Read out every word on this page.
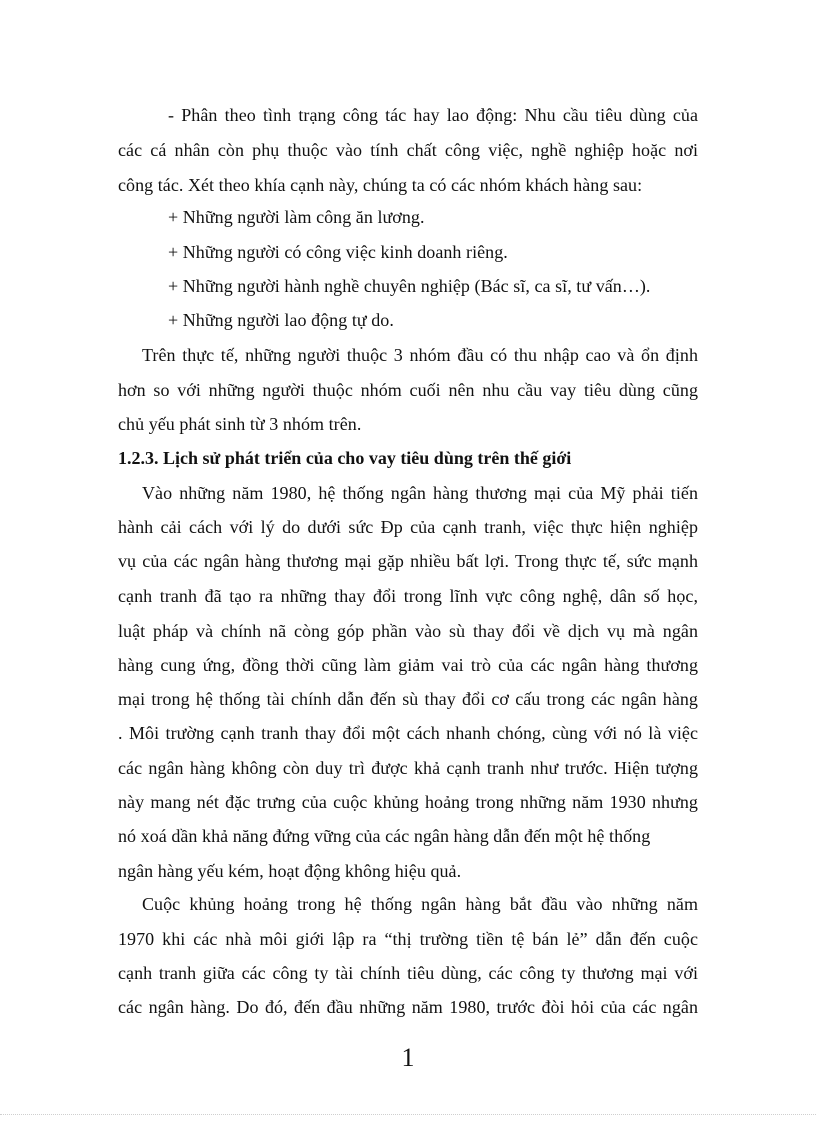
- Phân theo tình trạng công tác hay lao động: Nhu cầu tiêu dùng của
các cá nhân còn phụ thuộc vào tính chất công việc, nghề nghiệp hoặc nơi
công tác. Xét theo khía cạnh này, chúng ta có các nhóm khách hàng sau:
+ Những người làm công ăn lương.
+ Những người có công việc kinh doanh riêng.
+ Những người hành nghề chuyên nghiệp (Bác sĩ, ca sĩ, tư vấn…).
+ Những người lao động tự do.
Trên thực tế, những người thuộc 3 nhóm đầu có thu nhập cao và ổn định
hơn so với những người thuộc nhóm cuối nên nhu cầu vay tiêu dùng cũng
chủ yếu phát sinh từ 3 nhóm trên.
1.2.3. Lịch sử phát triển của cho vay tiêu dùng trên thế giới
Vào những năm 1980, hệ thống ngân hàng thương mại của Mỹ phải tiến
hành cải cách với lý do dưới sức Ðp của cạnh tranh, việc thực hiện nghiệp
vụ của các ngân hàng thương mại gặp nhiều bất lợi. Trong thực tế, sức mạnh
cạnh tranh đã tạo ra những thay đổi trong lĩnh vực công nghệ, dân số học,
luật pháp và chính nã còng góp phần vào sù thay đổi về dịch vụ mà ngân
hàng cung ứng, đồng thời cũng làm giảm vai trò của các ngân hàng thương
mại trong hệ thống tài chính dẫn đến sù thay đổi cơ cấu trong các ngân hàng
. Môi trường cạnh tranh thay đổi một cách nhanh chóng, cùng với nó là việc
các ngân hàng không còn duy trì được khả cạnh tranh như trước. Hiện tượng
này mang nét đặc trưng của cuộc khủng hoảng trong những năm 1930 nhưng
nó xoá dần khả năng đứng vững của các ngân hàng dẫn đến một hệ thống
ngân hàng yếu kém, hoạt động không hiệu quả.
Cuộc khủng hoảng trong hệ thống ngân hàng bắt đầu vào những năm
1970 khi các nhà môi giới lập ra “thị trường tiền tệ bán lẻ” dẫn đến cuộc
cạnh tranh giữa các công ty tài chính tiêu dùng, các công ty thương mại với
các ngân hàng. Do đó, đến đầu những năm 1980, trước đòi hỏi của các ngân
1
